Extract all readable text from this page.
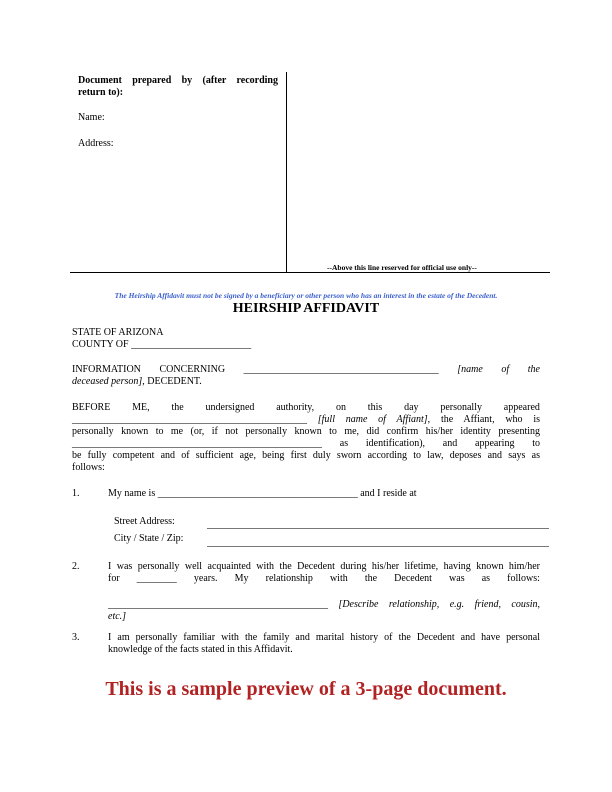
Document prepared by (after recording
return to):
Name:
Address:
--Above this line reserved for official use only--
The Heirship Affidavit must not be signed by a beneficiary or other person who has an interest in the estate of the Decedent.
HEIRSHIP AFFIDAVIT
STATE OF ARIZONA
COUNTY OF ________________________
INFORMATION CONCERNING _______________________________________ [name of the
deceased person], DECEDENT.
BEFORE ME, the undersigned authority, on this day personally appeared
_______________________________________________ [full name of Affiant], the Affiant, who is
personally known to me (or, if not personally known to me, did confirm his/her identity presenting
__________________________________________________ as identification), and appearing to
be fully competent and of sufficient age, being first duly sworn according to law, deposes and says as
follows:
1.	My name is ________________________________________ and I reside at
Street Address:
City / State / Zip:
2.	I was personally well acquainted with the Decedent during his/her lifetime, having known him/her
for ________ years. My relationship with the Decedent was as follows:
____________________________________________ [Describe relationship, e.g. friend, cousin,
etc.]
3.	I am personally familiar with the family and marital history of the Decedent and have personal
knowledge of the facts stated in this Affidavit.
This is a sample preview of a 3-page document.
